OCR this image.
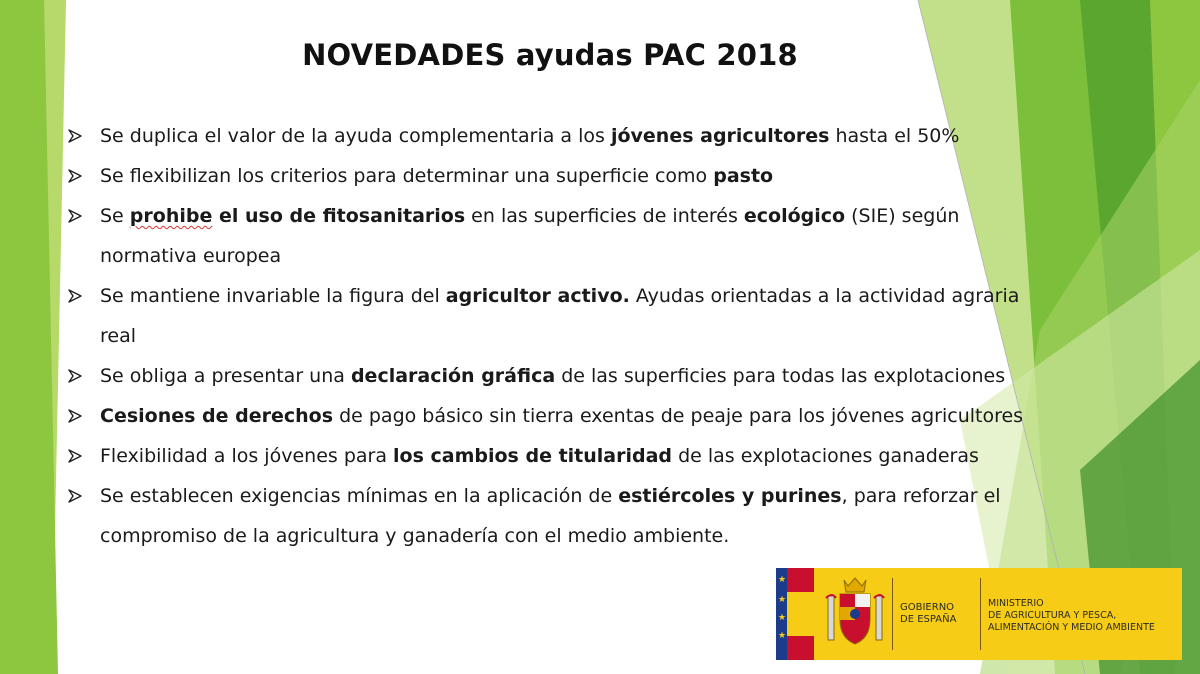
NOVEDADES ayudas PAC 2018
Se duplica el valor de la ayuda complementaria a los jóvenes agricultores hasta el 50%
Se flexibilizan los criterios para determinar una superficie como pasto
Se prohibe el uso de fitosanitarios en las superficies de interés ecológico (SIE) según normativa europea
Se mantiene invariable la figura del agricultor activo. Ayudas orientadas a la actividad agraria real
Se obliga a presentar una declaración gráfica de las superficies para todas las explotaciones
Cesiones de derechos de pago básico sin tierra exentas de peaje para los jóvenes agricultores
Flexibilidad a los jóvenes para los cambios de titularidad de las explotaciones ganaderas
Se establecen exigencias mínimas en la aplicación de estiércoles y purines, para reforzar el compromiso de la agricultura y ganadería con el medio ambiente.
★
★
★
★
GOBIERNO
DE ESPAÑA
MINISTERIO
DE AGRICULTURA Y PESCA,
ALIMENTACIÓN Y MEDIO AMBIENTE
